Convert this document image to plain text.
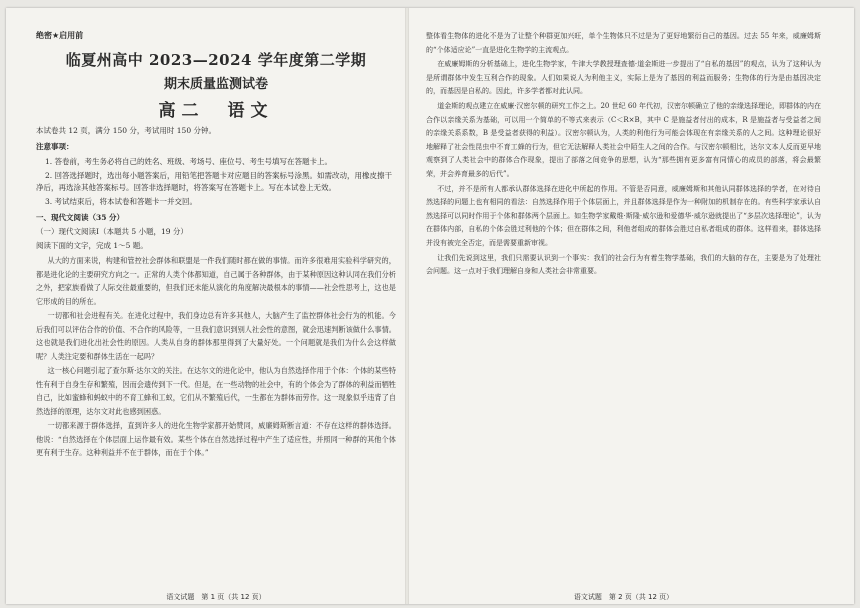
绝密★启用前
临夏州高中 2023—2024 学年度第二学期
期末质量监测试卷
高二　语文
本试卷共 12 页，满分 150 分，考试用时 150 分钟。
注意事项：
1. 答卷前，考生务必将自己的姓名、班级、考场号、座位号、考生号填写在答题卡上。
2. 回答选择题时，选出每小题答案后，用铅笔把答题卡对应题目的答案标号涂黑。如需改动，用橡皮擦干净后，再选涂其他答案标号。回答非选择题时，将答案写在答题卡上。写在本试卷上无效。
3. 考试结束后，将本试卷和答题卡一并交回。
一、现代文阅读（35 分）
（一）现代文阅读Ⅰ（本题共 5 小题，19 分）
阅读下面的文字，完成 1～5 题。

从大的方面来说，构建和管控社会群体和联盟是一件我们随时都在做的事情。而许多很难用实验科学研究的，都是进化论的主要研究方向之一。正常的人类个体都知道，自己属于各种群体，由于某种原因这种认同在我们分析之外，把家族看做了人际交往最重要的，但我们还未能从演化的角度解决最根本的事情——社会性思考上，这也是它形成的目的所在。

一切都和社会进程有关。在进化过程中，我们身边总有许多其他人，大脑产生了监控群体社会行为的机能。今后我们可以评估合作的价值、不合作的风险等，一旦我们意识到别人社会性的意图，就会迅速判断该做什么事情。这也就是我们进化出社会性的原因。人类从自身的群体那里得到了大量好处。一个问题就是我们为什么会这样做呢？人类注定要和群体生活在一起吗？

这一核心问题引起了查尔斯·达尔文的关注。在达尔文的进化论中，他认为自然选择作用于个体：个体的某些特性有利于自身生存和繁殖，因而会遗传到下一代。但是，在一些动物的社会中，有的个体会为了群体的利益而牺牲自己，比如蜜蜂和蚂蚁中的不育工蜂和工蚁，它们从不繁殖后代，一生都在为群体而劳作。这一现象似乎违背了自然选择的原理，达尔文对此也感到困惑。

一切都来源于群体选择，直到许多人的进化生物学家都开始赞同，威廉姆斯断言道：不存在这样的群体选择。他说：“自然选择在个体层面上运作最有效。某些个体在自然选择过程中产生了适应性，并照同一种群的其他个体更有利于生存。这种利益并不在于群体，而在于个体。”

语文试题　第 1 页（共 12 页）

整体看生物体的进化不是为了让整个种群更加兴旺，单个生物体只不过是为了更好地繁衍自己的基因。过去 55 年来，威廉姆斯的“个体适应论”一直是进化生物学的主流观点。

在威廉姆斯的分析基础上，进化生物学家，牛津大学教授理查德·道金斯进一步提出了“自私的基因”的观点，认为了这种认为是所谓群体中发生互利合作的现象。人们如果说人为利他主义，实际上是为了基因的利益而服务；生物体的行为是由基因决定的，而基因是自私的。因此，许多学者都对此认同。

道金斯的观点建立在威廉·汉密尔顿的研究工作之上。20 世纪 60 年代初，汉密尔顿确立了他的亲缘选择理论，即群体的内在合作以亲缘关系为基础，可以用一个简单的不等式来表示（C＜R×B，其中 C 是施益者付出的成本，R 是施益者与受益者之间的亲缘关系系数，B 是受益者获得的利益）。汉密尔顿认为，人类的利他行为可能会体现在有亲缘关系的人之间。这种理论很好地解释了社会性昆虫中不育工蜂的行为，但它无法解释人类社会中陌生人之间的合作。与汉密尔顿相比，达尔文本人反而更早地观察到了人类社会中的群体合作现象，提出了部落之间竞争的思想，认为“那些拥有更多富有同情心的成员的部落，将会最繁荣，并会养育最多的后代”。

不过，并不是所有人都承认群体选择在进化中所起的作用。不管是否同意，威廉姆斯和其他认同群体选择的学者，在对待自然选择的问题上也有相同的看法：自然选择作用于个体层面上，并且群体选择是作为一种附加的机制存在的。有些科学家承认自然选择可以同时作用于个体和群体两个层面上。如生物学家戴维·斯隆·威尔逊和爱德华·威尔逊就提出了“多层次选择理论”，认为在群体内部，自私的个体会胜过利他的个体；但在群体之间，利他者组成的群体会胜过自私者组成的群体。这样看来，群体选择并没有被完全否定，而是需要重新审视。

让我们先说到这里，我们只需要认识到一个事实：我们的社会行为有着生物学基础，我们的大脑的存在，主要是为了处理社会问题。这一点对于我们理解自身和人类社会非常重要。

语文试题　第 2 页（共 12 页）
